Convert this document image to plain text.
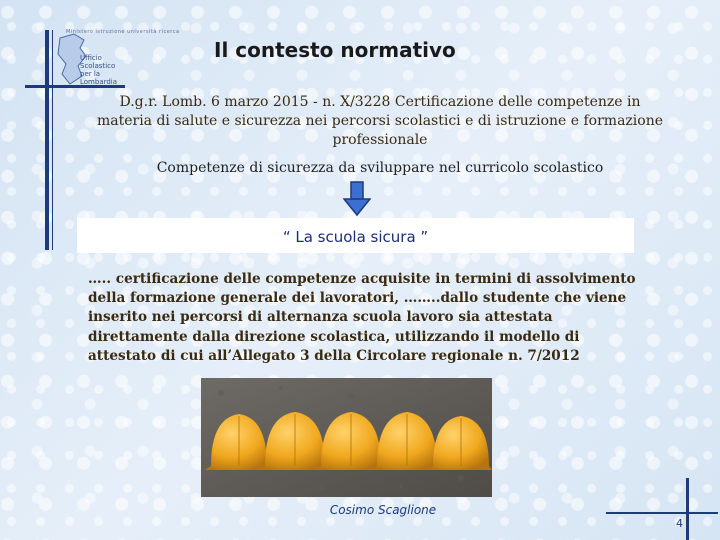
Ministero istruzione università ricerca
Ufficio
Scolastico
per la
Lombardia
Il contesto normativo
D.g.r. Lomb. 6 marzo 2015 - n. X/3228 Certificazione delle competenze in materia di salute e sicurezza nei percorsi scolastici e di istruzione e formazione professionale
Competenze di sicurezza da sviluppare nel curricolo scolastico
“ La scuola sicura ”
….. certificazione delle competenze acquisite in termini di assolvimento della formazione generale dei lavoratori, ……..dallo studente che viene inserito nei percorsi di alternanza scuola lavoro sia attestata direttamente dalla direzione scolastica, utilizzando il modello di attestato di cui all’Allegato 3 della Circolare regionale n. 7/2012
Cosimo Scaglione
4
